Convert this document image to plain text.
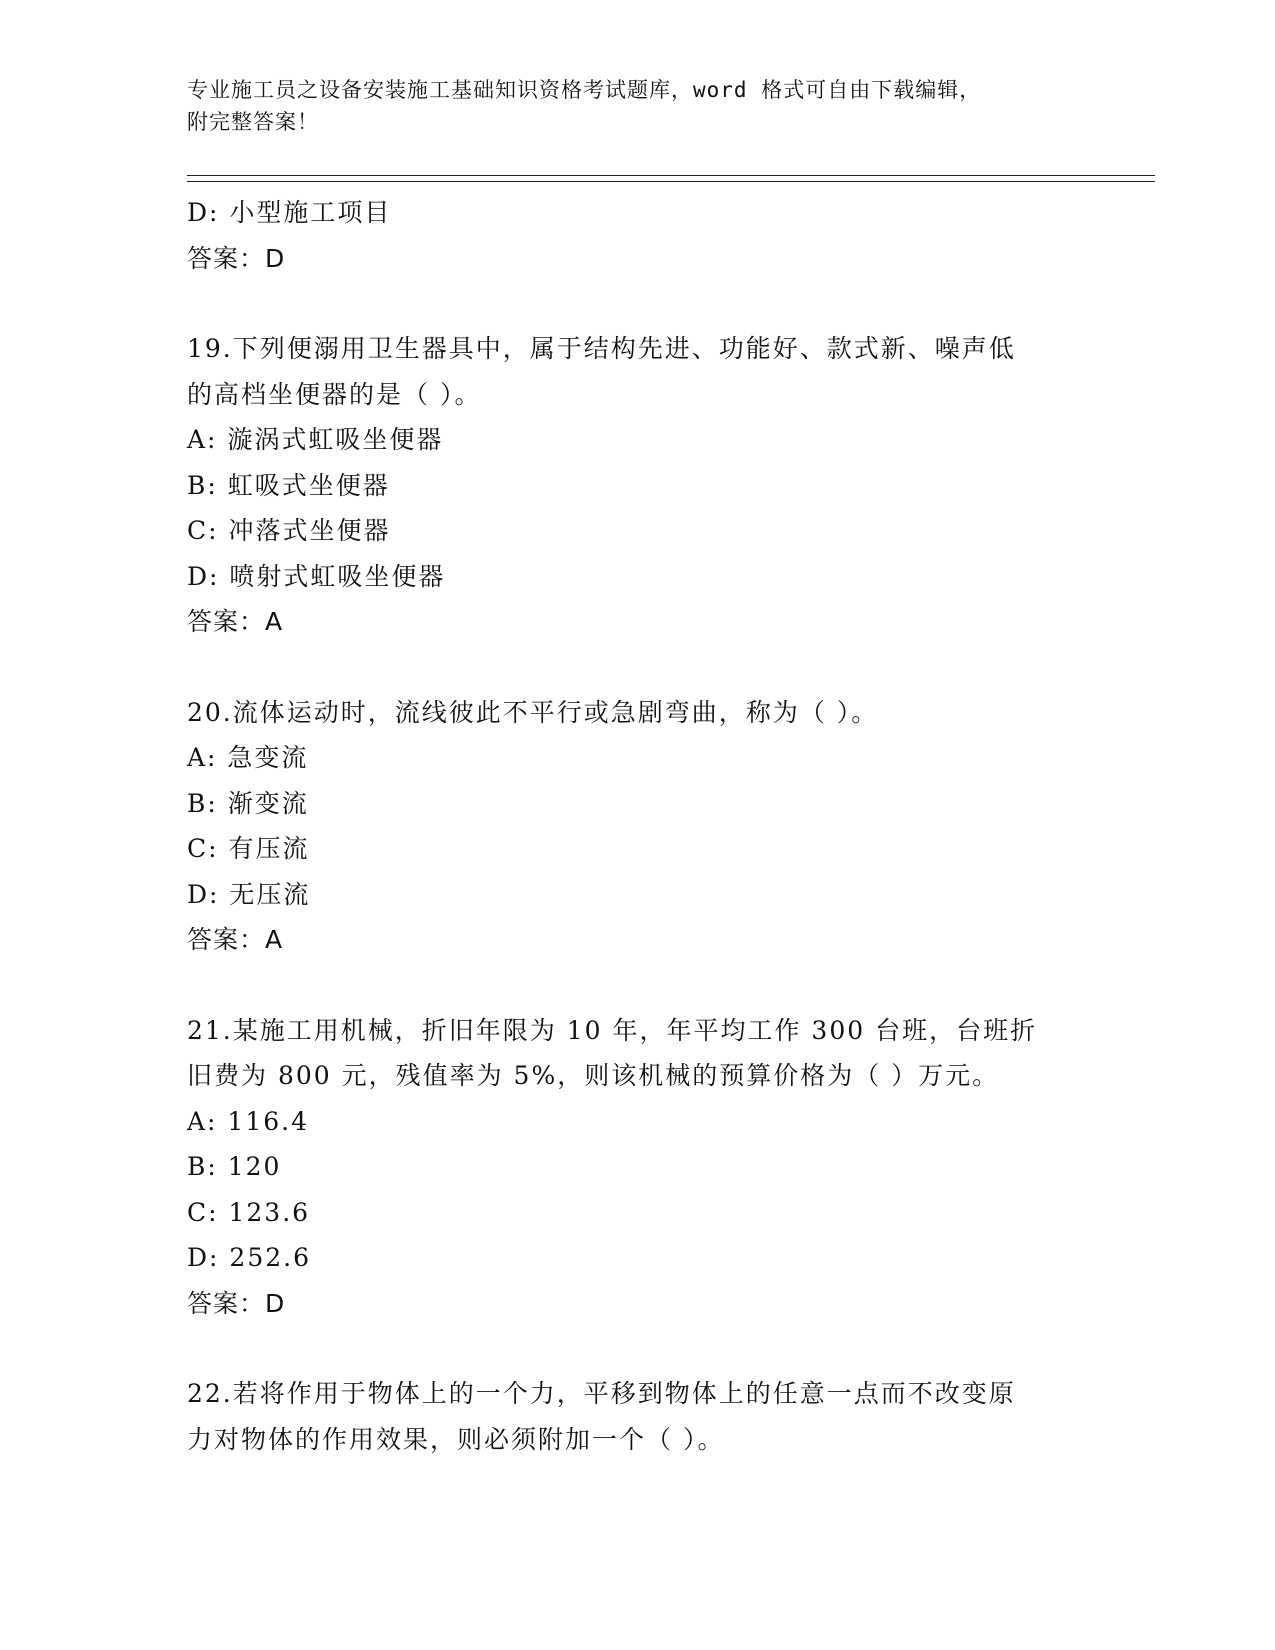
专业施工员之设备安装施工基础知识资格考试题库，word 格式可自由下载编辑，
附完整答案！
D: 小型施工项目
答案：D
19.下列便溺用卫生器具中，属于结构先进、功能好、款式新、噪声低
的高档坐便器的是（ ）。
A: 漩涡式虹吸坐便器
B: 虹吸式坐便器
C: 冲落式坐便器
D: 喷射式虹吸坐便器
答案：A
20.流体运动时，流线彼此不平行或急剧弯曲，称为（ ）。
A: 急变流
B: 渐变流
C: 有压流
D: 无压流
答案：A
21.某施工用机械，折旧年限为 10 年，年平均工作 300 台班，台班折
旧费为 800 元，残值率为 5%，则该机械的预算价格为（ ）万元。
A: 116.4
B: 120
C: 123.6
D: 252.6
答案：D
22.若将作用于物体上的一个力，平移到物体上的任意一点而不改变原
力对物体的作用效果，则必须附加一个（ ）。
